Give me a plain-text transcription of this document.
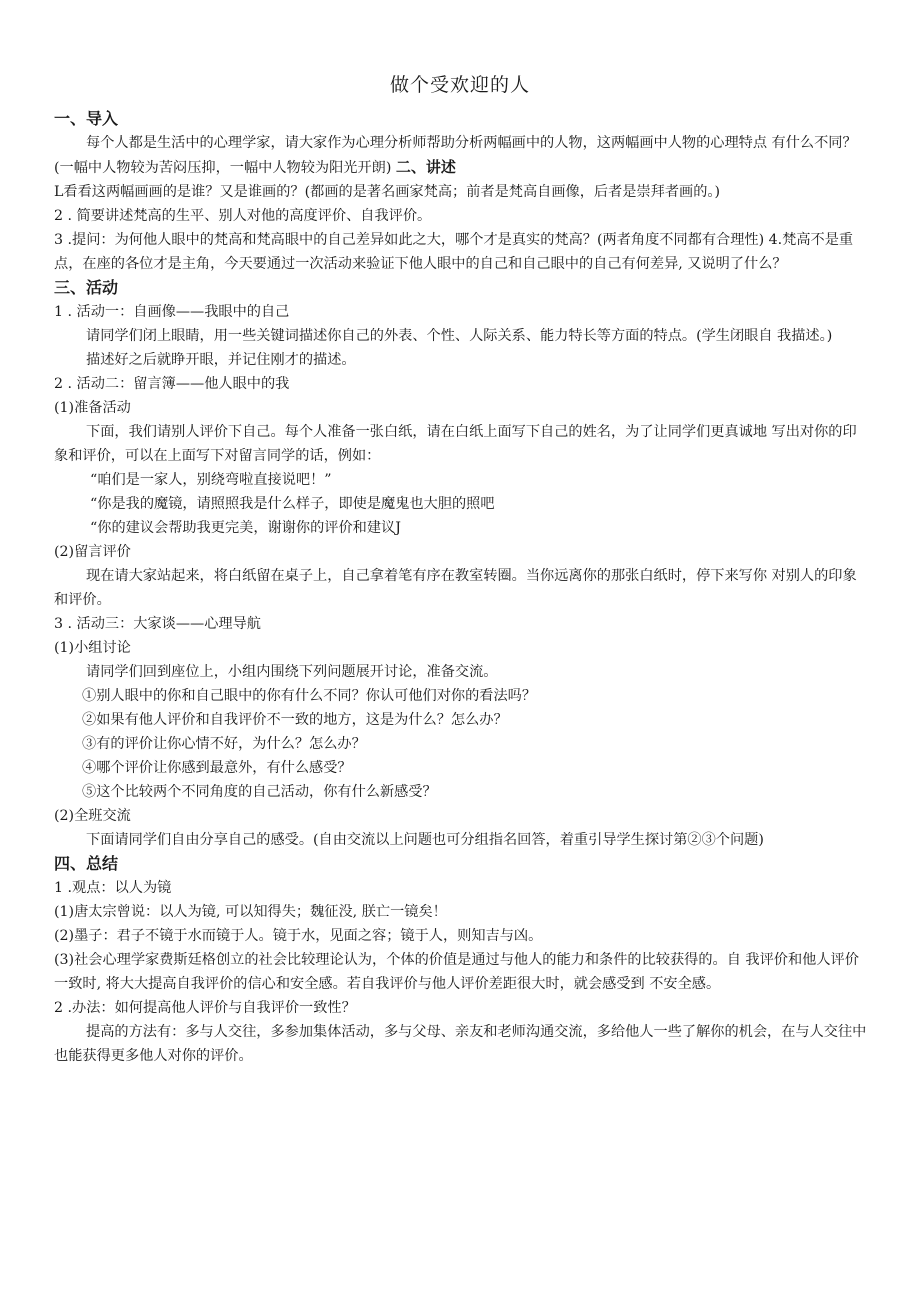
做个受欢迎的人

一、导入

每个人都是生活中的心理学家，请大家作为心理分析师帮助分析两幅画中的人物，这两幅画中人物的心理特点 有什么不同？(一幅中人物较为苦闷压抑，一幅中人物较为阳光开朗) 二、讲述

L看看这两幅画画的是谁？又是谁画的？(都画的是著名画家梵高；前者是梵高自画像，后者是崇拜者画的。)

2 . 简要讲述梵高的生平、别人对他的高度评价、自我评价。

3 .提问：为何他人眼中的梵高和梵高眼中的自己差异如此之大，哪个才是真实的梵高？(两者角度不同都有合理性) 4.梵高不是重点，在座的各位才是主角，今天要通过一次活动来验证下他人眼中的自己和自己眼中的自己有何差异, 又说明了什么？

三、活动

1 . 活动一：自画像——我眼中的自己

请同学们闭上眼睛，用一些关键词描述你自己的外表、个性、人际关系、能力特长等方面的特点。(学生闭眼自 我描述。)

描述好之后就睁开眼，并记住刚才的描述。

2 . 活动二：留言簿——他人眼中的我

(1)准备活动

下面，我们请别人评价下自己。每个人准备一张白纸，请在白纸上面写下自己的姓名，为了让同学们更真诚地 写出对你的印象和评价，可以在上面写下对留言同学的话，例如：

“咱们是一家人，别绕弯啦直接说吧！”

“你是我的魔镜，请照照我是什么样子，即使是魔鬼也大胆的照吧

“你的建议会帮助我更完美，谢谢你的评价和建议J

(2)留言评价

现在请大家站起来，将白纸留在桌子上，自己拿着笔有序在教室转圈。当你远离你的那张白纸时，停下来写你 对别人的印象和评价。

3 . 活动三：大家谈——心理导航

(1)小组讨论

请同学们回到座位上，小组内围绕下列问题展开讨论，准备交流。

①别人眼中的你和自己眼中的你有什么不同？你认可他们对你的看法吗？

②如果有他人评价和自我评价不一致的地方，这是为什么？怎么办？

③有的评价让你心情不好，为什么？怎么办？

④哪个评价让你感到最意外，有什么感受？

⑤这个比较两个不同角度的自己活动，你有什么新感受？

(2)全班交流

下面请同学们自由分享自己的感受。(自由交流以上问题也可分组指名回答，着重引导学生探讨第②③个问题)

四、总结

1 .观点：以人为镜

(1)唐太宗曾说：以人为镜, 可以知得失；魏征没, 朕亡一镜矣！

(2)墨子：君子不镜于水而镜于人。镜于水，见面之容；镜于人，则知吉与凶。

(3)社会心理学家费斯廷格创立的社会比较理论认为，个体的价值是通过与他人的能力和条件的比较获得的。自 我评价和他人评价一致时, 将大大提高自我评价的信心和安全感。若自我评价与他人评价差距很大时，就会感受到 不安全感。

2 .办法：如何提高他人评价与自我评价一致性？

提高的方法有：多与人交往，多参加集体活动，多与父母、亲友和老师沟通交流，多给他人一些了解你的机会，在与人交往中也能获得更多他人对你的评价。
